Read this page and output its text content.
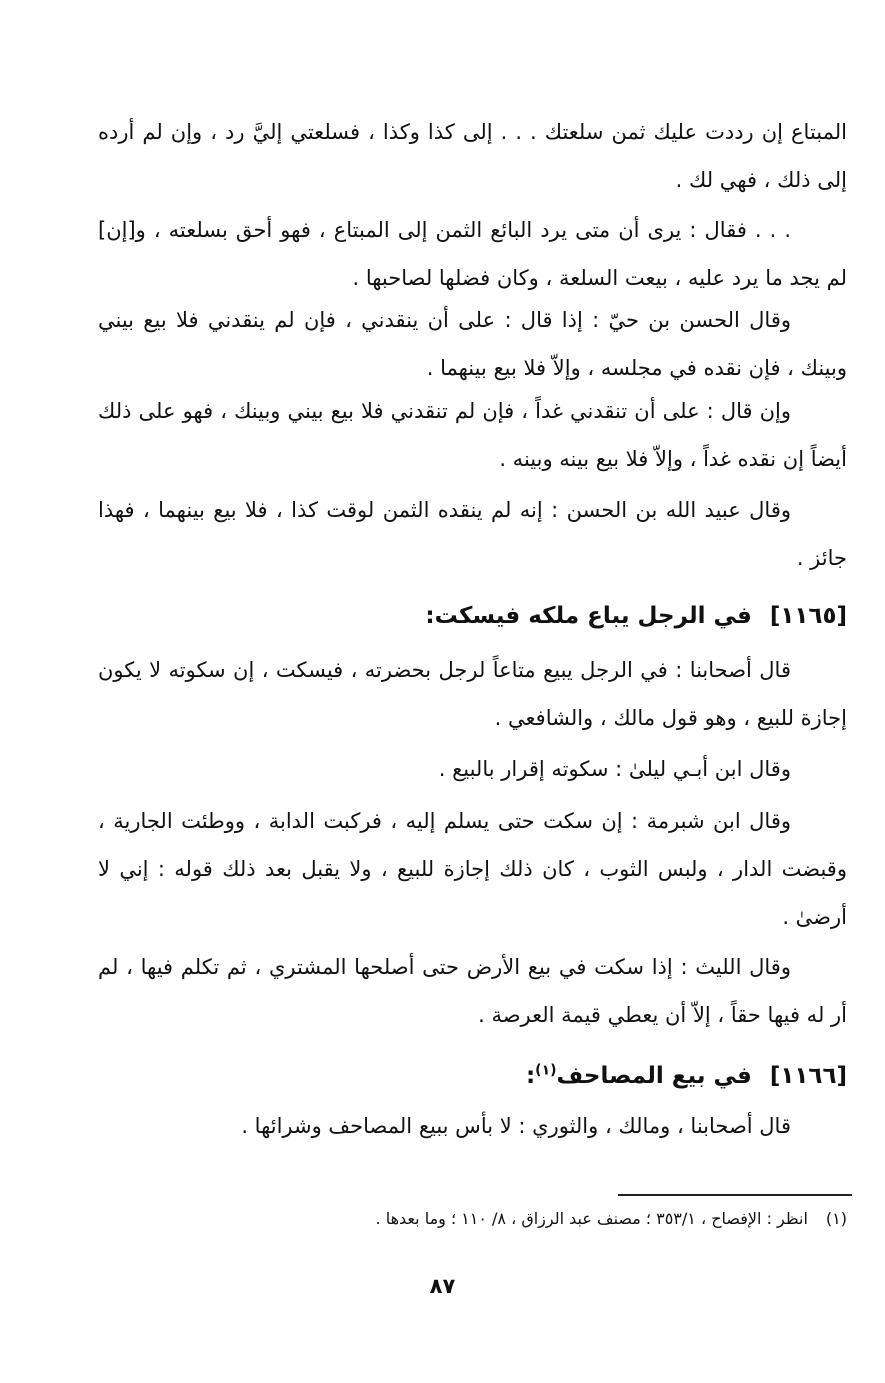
المبتاع إن رددت عليك ثمن سلعتك . . . إلى كذا وكذا ، فسلعتي إليَّ رد ، وإن لم أرده إلى ذلك ، فهي لك .

. . . فقال : يرى أن متى يرد البائع الثمن إلى المبتاع ، فهو أحق بسلعته ، و[إن] لم يجد ما يرد عليه ، بيعت السلعة ، وكان فضلها لصاحبها .

وقال الحسن بن حيّ : إذا قال : على أن ينقدني ، فإن لم ينقدني فلا بيع بيني وبينك ، فإن نقده في مجلسه ، وإلاّ فلا بيع بينهما .

وإن قال : على أن تنقدني غداً ، فإن لم تنقدني فلا بيع بيني وبينك ، فهو على ذلك أيضاً إن نقده غداً ، وإلاّ فلا بيع بينه وبينه .

وقال عبيد الله بن الحسن : إنه لم ينقده الثمن لوقت كذا ، فلا بيع بينهما ، فهذا جائز .

[١١٦٥]في الرجل يباع ملكه فيسكت:

قال أصحابنا : في الرجل يبيع متاعاً لرجل بحضرته ، فيسكت ، إن سكوته لا يكون إجازة للبيع ، وهو قول مالك ، والشافعي .

وقال ابن أبـي ليلىٰ : سكوته إقرار بالبيع .

وقال ابن شبرمة : إن سكت حتى يسلم إليه ، فركبت الدابة ، ووطئت الجارية ، وقبضت الدار ، ولبس الثوب ، كان ذلك إجازة للبيع ، ولا يقبل بعد ذلك قوله : إني لا أرضىٰ .

وقال الليث : إذا سكت في بيع الأرض حتى أصلحها المشتري ، ثم تكلم فيها ، لم أر له فيها حقاً ، إلاّ أن يعطي قيمة العرصة .

[١١٦٦]في بيع المصاحف$^{(١)}$:

قال أصحابنا ، ومالك ، والثوري : لا بأس ببيع المصاحف وشرائها .

(١)انظر : الإفصاح ، ٣٥٣/١ ؛ مصنف عبد الرزاق ، ٨/ ١١٠ ؛ وما بعدها .

٨٧
